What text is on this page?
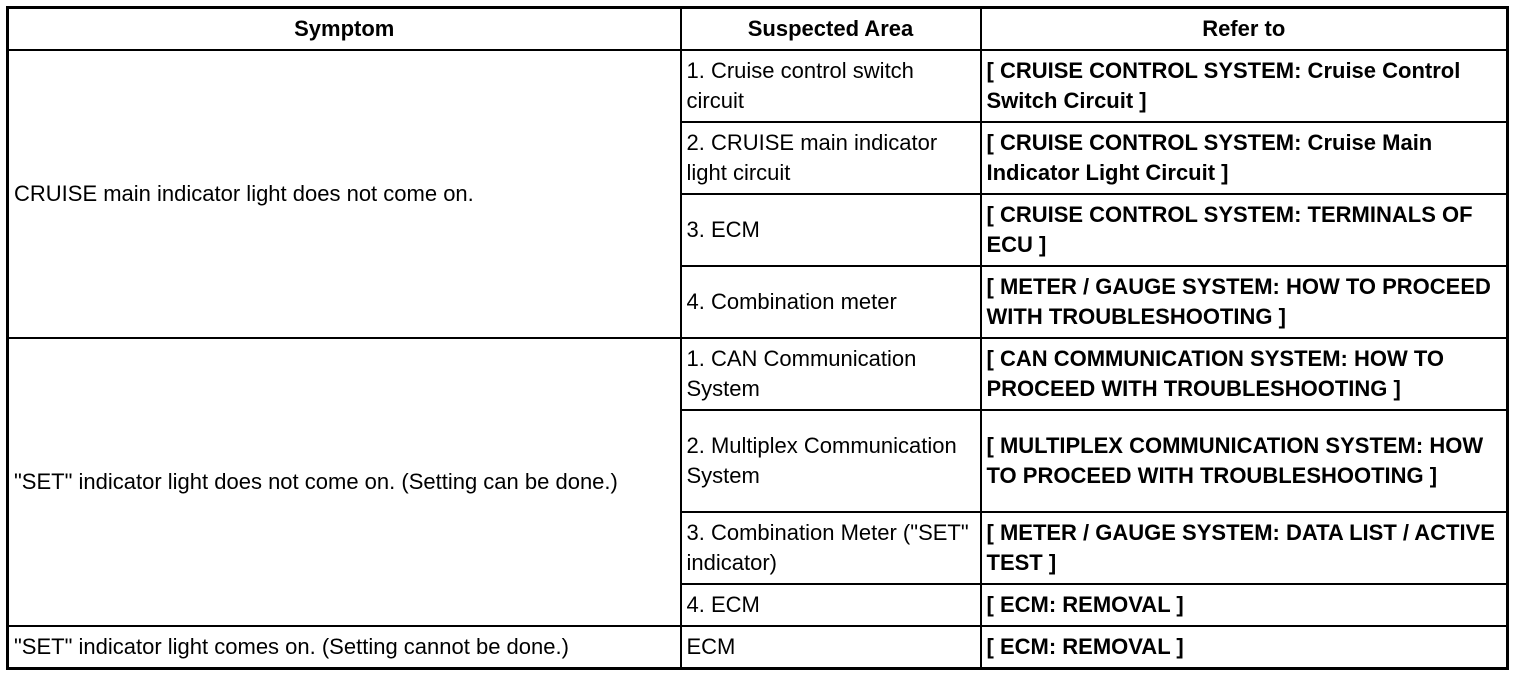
Symptom	Suspected Area	Refer to
CRUISE main indicator light does not come on.	1. Cruise control switch circuit	[ CRUISE CONTROL SYSTEM: Cruise Control Switch Circuit ]
	2. CRUISE main indicator light circuit	[ CRUISE CONTROL SYSTEM: Cruise Main Indicator Light Circuit ]
	3. ECM	[ CRUISE CONTROL SYSTEM: TERMINALS OF ECU ]
	4. Combination meter	[ METER / GAUGE SYSTEM: HOW TO PROCEED WITH TROUBLESHOOTING ]
"SET" indicator light does not come on. (Setting can be done.)	1. CAN Communication System	[ CAN COMMUNICATION SYSTEM: HOW TO PROCEED WITH TROUBLESHOOTING ]
	2. Multiplex Communication System	[ MULTIPLEX COMMUNICATION SYSTEM: HOW TO PROCEED WITH TROUBLESHOOTING ]
	3. Combination Meter ("SET" indicator)	[ METER / GAUGE SYSTEM: DATA LIST / ACTIVE TEST ]
	4. ECM	[ ECM: REMOVAL ]
"SET" indicator light comes on. (Setting cannot be done.)	ECM	[ ECM: REMOVAL ]
